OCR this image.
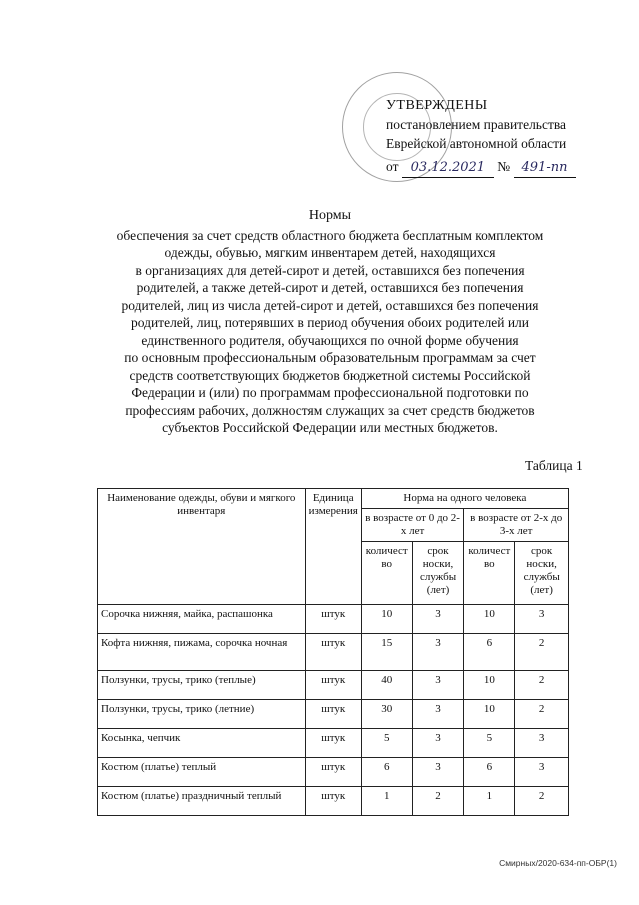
УТВЕРЖДЕНЫ
постановлением правительства
Еврейской автономной области
от 03.12.2021 № 491-пп
Нормы
обеспечения за счет средств областного бюджета бесплатным комплектом
одежды, обувью, мягким инвентарем детей, находящихся
в организациях для детей-сирот и детей, оставшихся без попечения
родителей, а также детей-сирот и детей, оставшихся без попечения
родителей, лиц из числа детей-сирот и детей, оставшихся без попечения
родителей, лиц, потерявших в период обучения обоих родителей или
единственного родителя, обучающихся по очной форме обучения
по основным профессиональным образовательным программам за счет
средств соответствующих бюджетов бюджетной системы Российской
Федерации и (или) по программам профессиональной подготовки по
профессиям рабочих, должностям служащих за счет средств бюджетов
субъектов Российской Федерации или местных бюджетов.
Таблица 1
Наименование одежды, обуви и мягкого инвентаря	Единица измерения	Норма на одного человека			
		в возрасте от 0 до 2-х лет		в возрасте от 2-х до 3-х лет	
		количество	срок носки, службы (лет)	количество	срок носки, службы (лет)
Сорочка нижняя, майка, распашонка	штук	10	3	10	3
Кофта нижняя, пижама, сорочка ночная	штук	15	3	6	2
Ползунки, трусы, трико (теплые)	штук	40	3	10	2
Ползунки, трусы, трико (летние)	штук	30	3	10	2
Косынка, чепчик	штук	5	3	5	3
Костюм (платье) теплый	штук	6	3	6	3
Костюм (платье) праздничный теплый	штук	1	2	1	2
Смирных/2020-634-пп-ОБР(1)
